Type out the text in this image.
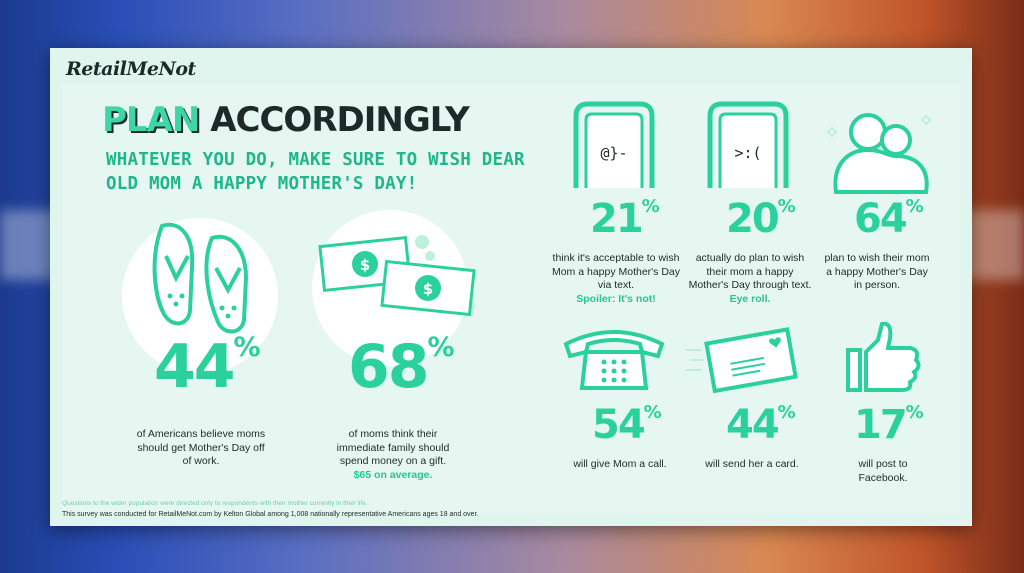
RetailMeNot
PLAN ACCORDINGLY
WHATEVER YOU DO, MAKE SURE TO WISH DEAR OLD MOM A HAPPY MOTHER'S DAY!
44%
of Americans believe moms should get Mother's Day off of work.
$
$
68%
of moms think their immediate family should spend money on a gift.
$65 on average.
@}-
21%
think it's acceptable to wish Mom a happy Mother's Day via text.
Spoiler: It's not!
>:(
20%
actually do plan to wish their mom a happy Mother's Day through text. Eye roll.
64%
plan to wish their mom a happy Mother's Day in person.
54%
will give Mom a call.
44%
will send her a card.
17%
will post to Facebook.
Questions to the wider population were directed only to respondents with their mother currently in their life.
This survey was conducted for RetailMeNot.com by Kelton Global among 1,008 nationally representative Americans ages 18 and over.
